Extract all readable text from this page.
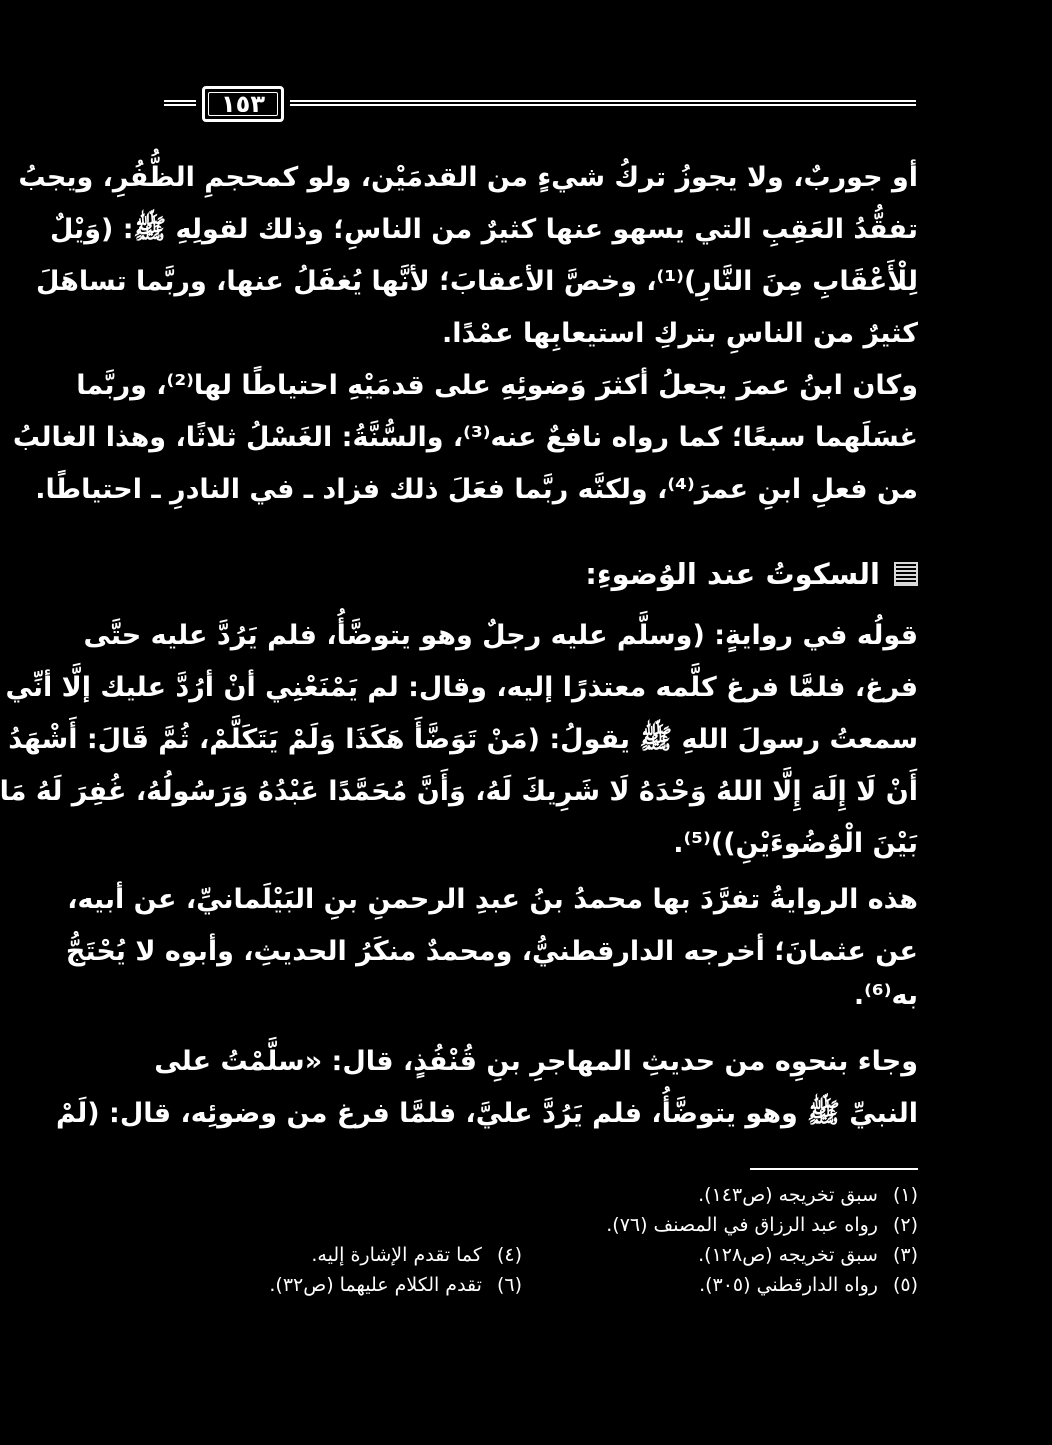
١٥٣
أو جوربٌ، ولا يجوزُ تركُ شيءٍ من القدمَيْن، ولو كمحجمِ الظُّفُرِ، ويجبُ
تفقُّدُ العَقِبِ التي يسهو عنها كثيرٌ من الناسِ؛ وذلك لقولِهِ ﷺ: (وَيْلٌ
لِلْأَعْقَابِ مِنَ النَّارِ)⁽¹⁾، وخصَّ الأعقابَ؛ لأنَّها يُغفَلُ عنها، وربَّما تساهَلَ
كثيرٌ من الناسِ بتركِ استيعابِها عمْدًا.
وكان ابنُ عمرَ يجعلُ أكثرَ وَضوئِهِ على قدمَيْهِ احتياطًا لها⁽²⁾، وربَّما
غسَلَهما سبعًا؛ كما رواه نافعٌ عنه⁽³⁾، والسُّنَّةُ: الغَسْلُ ثلاثًا، وهذا الغالبُ
من فعلِ ابنِ عمرَ⁽⁴⁾، ولكنَّه ربَّما فعَلَ ذلك فزاد ـ في النادرِ ـ احتياطًا.
السكوتُ عند الوُضوءِ:
قولُه في روايةٍ: (وسلَّم عليه رجلٌ وهو يتوضَّأُ، فلم يَرُدَّ عليه حتَّى
فرغ، فلمَّا فرغ كلَّمه معتذرًا إليه، وقال: لم يَمْنَعْنِي أنْ أرُدَّ عليك إلَّا أنِّي
سمعتُ رسولَ اللهِ ﷺ يقولُ: (مَنْ تَوَضَّأَ هَكَذَا وَلَمْ يَتَكَلَّمْ، ثُمَّ قَالَ: أَشْهَدُ
أَنْ لَا إِلَهَ إِلَّا اللهُ وَحْدَهُ لَا شَرِيكَ لَهُ، وَأَنَّ مُحَمَّدًا عَبْدُهُ وَرَسُولُهُ، غُفِرَ لَهُ مَا
بَيْنَ الْوُضُوءَيْنِ))⁽⁵⁾.
هذه الروايةُ تفرَّدَ بها محمدُ بنُ عبدِ الرحمنِ بنِ البَيْلَمانيِّ، عن أبيه،
عن عثمانَ؛ أخرجه الدارقطنيُّ، ومحمدٌ منكَرُ الحديثِ، وأبوه لا يُحْتَجُّ
به⁽⁶⁾.
وجاء بنحوِه من حديثِ المهاجرِ بنِ قُنْفُذٍ، قال: «سلَّمْتُ على
النبيِّ ﷺ وهو يتوضَّأُ، فلم يَرُدَّ عليَّ، فلمَّا فرغ من وضوئِه، قال: (لَمْ
(١) سبق تخريجه (ص١٤٣).
(٢) رواه عبد الرزاق في المصنف (٧٦).
(٣) سبق تخريجه (ص١٢٨).
(٤) كما تقدم الإشارة إليه.
(٥) رواه الدارقطني (٣٠٥).
(٦) تقدم الكلام عليهما (ص٣٢).
